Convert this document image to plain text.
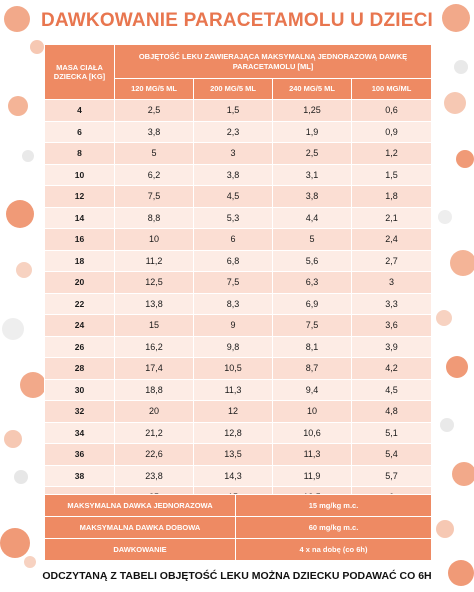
DAWKOWANIE PARACETAMOLU U DZIECI
MASA CIAŁA DZIECKA [KG]	OBJĘTOŚĆ LEKU ZAWIERAJĄCA MAKSYMALNĄ JEDNORAZOWĄ DAWKĘ PARACETAMOLU [ML]			
	120 MG/5 ML	200 MG/5 ML	240 MG/5 ML	100 MG/ML
4	2,5	1,5	1,25	0,6
6	3,8	2,3	1,9	0,9
8	5	3	2,5	1,2
10	6,2	3,8	3,1	1,5
12	7,5	4,5	3,8	1,8
14	8,8	5,3	4,4	2,1
16	10	6	5	2,4
18	11,2	6,8	5,6	2,7
20	12,5	7,5	6,3	3
22	13,8	8,3	6,9	3,3
24	15	9	7,5	3,6
26	16,2	9,8	8,1	3,9
28	17,4	10,5	8,7	4,2
30	18,8	11,3	9,4	4,5
32	20	12	10	4,8
34	21,2	12,8	10,6	5,1
36	22,6	13,5	11,3	5,4
38	23,8	14,3	11,9	5,7

MAKSYMALNA DAWKA JEDNORAZOWA	15 mg/kg m.c.
MAKSYMALNA DAWKA DOBOWA	60 mg/kg m.c.
DAWKOWANIE	4 x na dobę (co 6h)
ODCZYTANĄ Z TABELI OBJĘTOŚĆ LEKU MOŻNA DZIECKU PODAWAĆ CO 6H
